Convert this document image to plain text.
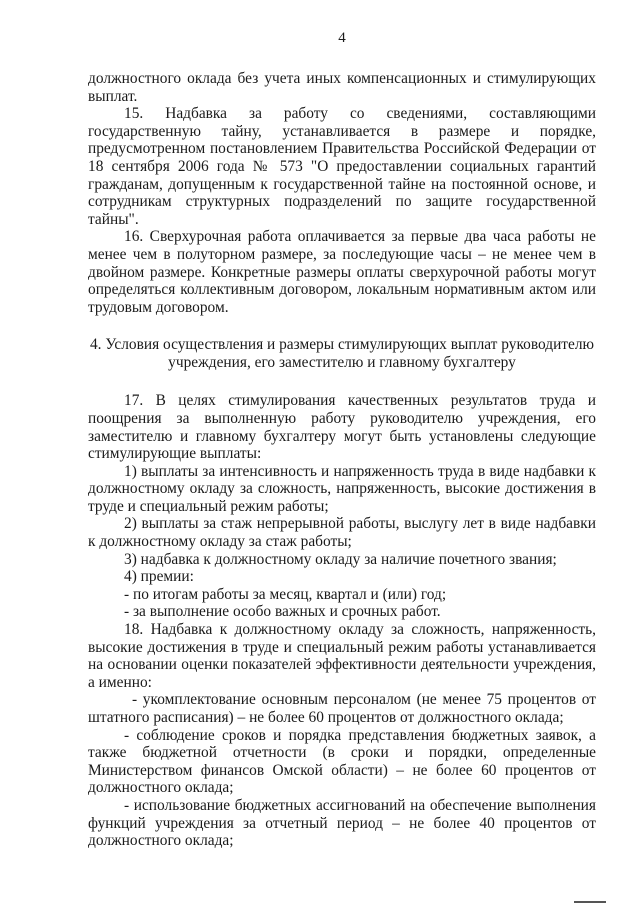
4

должностного оклада без учета иных компенсационных и стимулирующих выплат.

15. Надбавка за работу со сведениями, составляющими государственную тайну, устанавливается в размере и порядке, предусмотренном постановлением Правительства Российской Федерации от 18 сентября 2006 года № 573 "О предоставлении социальных гарантий гражданам, допущенным к государственной тайне на постоянной основе, и сотрудникам структурных подразделений по защите государственной тайны".

16. Сверхурочная работа оплачивается за первые два часа работы не менее чем в полуторном размере, за последующие часы – не менее чем в двойном размере. Конкретные размеры оплаты сверхурочной работы могут определяться коллективным договором, локальным нормативным актом или трудовым договором.

4. Условия осуществления и размеры стимулирующих выплат руководителю учреждения, его заместителю и главному бухгалтеру

17. В целях стимулирования качественных результатов труда и поощрения за выполненную работу руководителю учреждения, его заместителю и главному бухгалтеру могут быть установлены следующие стимулирующие выплаты:

1) выплаты за интенсивность и напряженность труда в виде надбавки к должностному окладу за сложность, напряженность, высокие достижения в труде и специальный режим работы;

2) выплаты за стаж непрерывной работы, выслугу лет в виде надбавки к должностному окладу за стаж работы;

3) надбавка к должностному окладу за наличие почетного звания;

4) премии:

- по итогам работы за месяц, квартал и (или) год;

- за выполнение особо важных и срочных работ.

18. Надбавка к должностному окладу за сложность, напряженность, высокие достижения в труде и специальный режим работы устанавливается на основании оценки показателей эффективности деятельности учреждения, а именно:

- укомплектование основным персоналом (не менее 75 процентов от штатного расписания) – не более 60 процентов от должностного оклада;

- соблюдение сроков и порядка представления бюджетных заявок, а также бюджетной отчетности (в сроки и порядки, определенные Министерством финансов Омской области) – не более 60 процентов от должностного оклада;

- использование бюджетных ассигнований на обеспечение выполнения функций учреждения за отчетный период – не более 40 процентов от должностного оклада;
